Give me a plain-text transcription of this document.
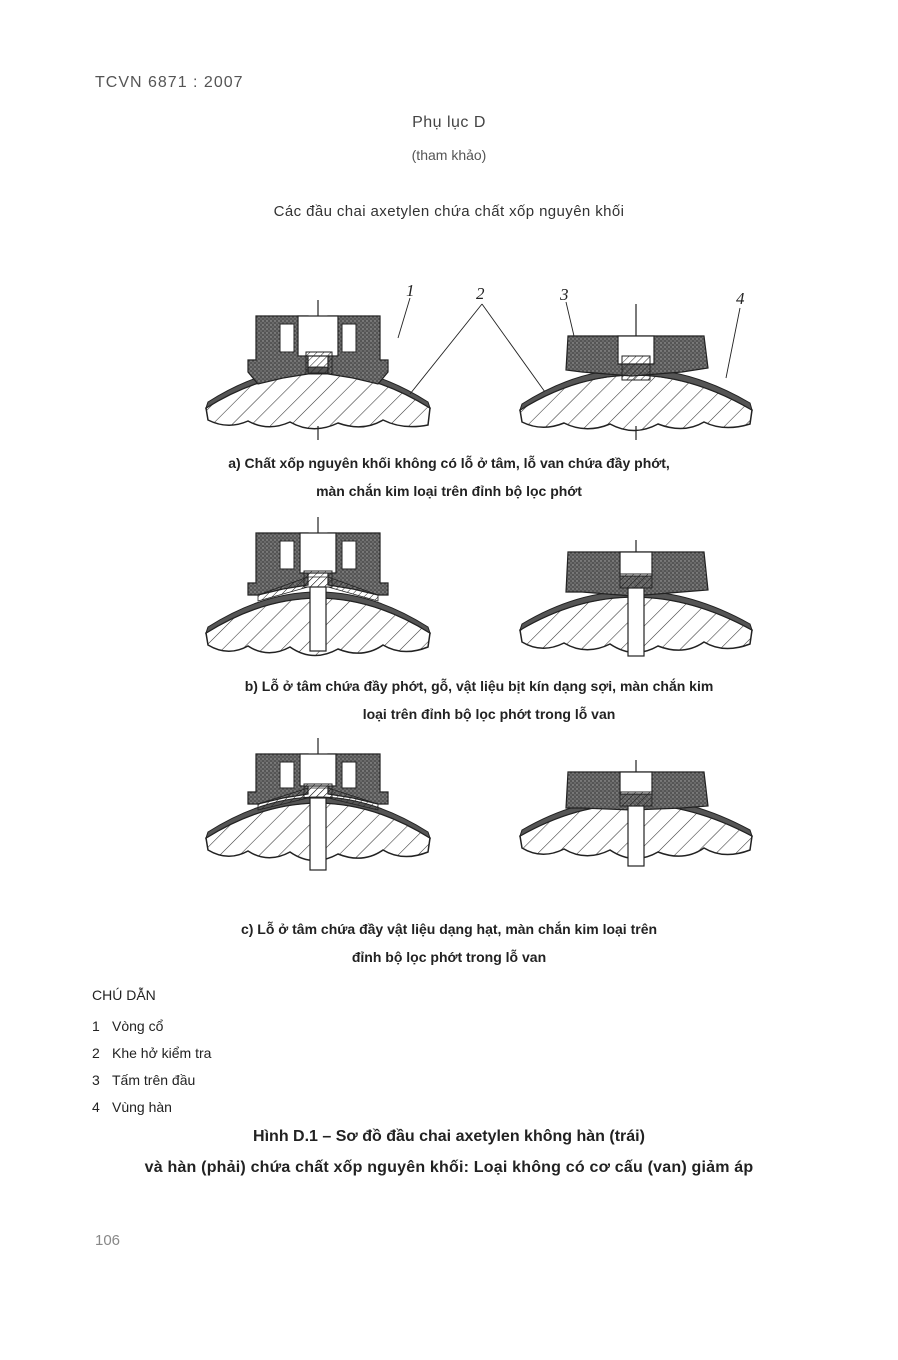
TCVN 6871 : 2007
Phụ lục D
(tham khảo)
Các đầu chai axetylen chứa chất xốp nguyên khối
1	2	3	4
a) Chất xốp nguyên khối không có lỗ ở tâm, lỗ van chứa đầy phớt,
màn chắn kim loại trên đỉnh bộ lọc phớt
b) Lỗ ở tâm chứa đầy phớt, gỗ, vật liệu bịt kín dạng sợi, màn chắn kim
loại trên đỉnh bộ lọc phớt trong lỗ van
c) Lỗ ở tâm chứa đầy vật liệu dạng hạt, màn chắn kim loại trên
đỉnh bộ lọc phớt trong lỗ van
CHÚ DẪN
1 Vòng cổ
2 Khe hở kiểm tra
3 Tấm trên đầu
4 Vùng hàn
Hình D.1 – Sơ đồ đầu chai axetylen không hàn (trái)
và hàn (phải) chứa chất xốp nguyên khối: Loại không có cơ cấu (van) giảm áp
106
